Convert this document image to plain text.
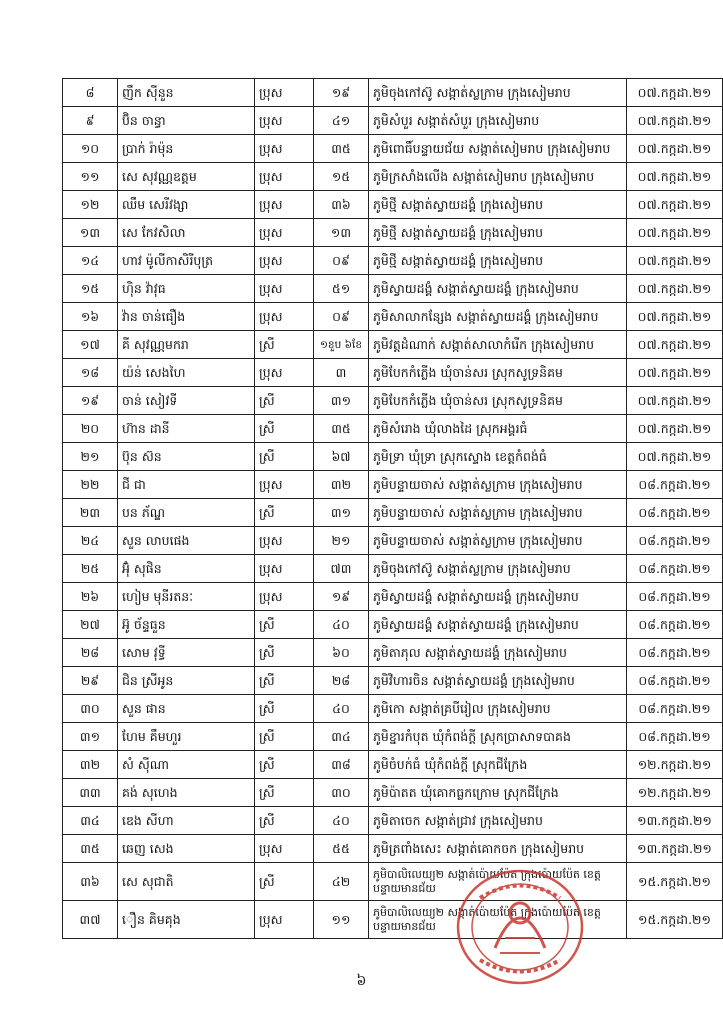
៨	ញឹក ស៊ីនួន	ប្រុស	១៩	ភូមិចុងកៅស៊ូ សង្កាត់ស្លក្រាម ក្រុងសៀមរាប	០៧.កក្កដា.២១
៩	ប៊ិន ចាន្ធា	ប្រុស	៤១	ភូមិសំបួរ សង្កាត់សំបួរ ក្រុងសៀមរាប	០៧.កក្កដា.២១
១០	ប្រាក់ រ៉ាម៉ុន	ប្រុស	៣៥	ភូមិពោធិ៍បន្ទាយជ័យ សង្កាត់សៀមរាប ក្រុងសៀមរាប	០៧.កក្កដា.២១
១១	សេ សុវណ្ណឧត្តម	ប្រុស	១៥	ភូមិក្រសាំងលើង សង្កាត់សៀមរាប ក្រុងសៀមរាប	០៧.កក្កដា.២១
១២	ឈឹម សេរីវង្សា	ប្រុស	៣៦	ភូមិថ្មី សង្កាត់ស្វាយដង្គំ ក្រុងសៀមរាប	០៧.កក្កដា.២១
១៣	សេ កែវសិលា	ប្រុស	១៣	ភូមិថ្មី សង្កាត់ស្វាយដង្គំ ក្រុងសៀមរាប	០៧.កក្កដា.២១
១៤	ហាវ ម៉ូលីកាសិរីបុត្រ	ប្រុស	០៩	ភូមិថ្មី សង្កាត់ស្វាយដង្គំ ក្រុងសៀមរាប	០៧.កក្កដា.២១
១៥	ហ៊ិន វ៉ាវុធ	ប្រុស	៥១	ភូមិស្វាយដង្គំ សង្កាត់ស្វាយដង្គំ ក្រុងសៀមរាប	០៧.កក្កដា.២១
១៦	វ៉ាន ចាន់ធឿង	ប្រុស	០៩	ភូមិសាលាកន្សែង សង្កាត់ស្វាយដង្គំ ក្រុងសៀមរាប	០៧.កក្កដា.២១
១៧	គី សុវណ្ណមករា	ស្រី	១ខួប ៦ខែ	ភូមិវត្តដំណាក់ សង្កាត់សាលាកំរើក ក្រុងសៀមរាប	០៧.កក្កដា.២១
១៨	យ៉ន់ សេងហៃ	ប្រុស	៣	ភូមិបែកកំភ្លើង ឃុំចាន់សរ ស្រុកសូទ្រនិគម	០៧.កក្កដា.២១
១៩	ចាន់ សៀវទី	ស្រី	៣១	ភូមិបែកកំភ្លើង ឃុំចាន់សរ ស្រុកសូទ្រនិគម	០៧.កក្កដា.២១
២០	ហ៊ាន ដានី	ស្រី	៣៥	ភូមិសំរោង ឃុំលាងដៃ ស្រុកអង្គរធំ	០៧.កក្កដា.២១
២១	ប៊ុន ស៊ន	ស្រី	៦៧	ភូមិទ្រា ឃុំទ្រា ស្រុកស្ទោង ខេត្តកំពង់ធំ	០៧.កក្កដា.២១
២២	ជី ជា	ប្រុស	៣២	ភូមិបន្ទាយចាស់ សង្កាត់ស្លក្រាម ក្រុងសៀមរាប	០៨.កក្កដា.២១
២៣	បន ភ័ណ្ឌ	ស្រី	៣១	ភូមិបន្ទាយចាស់ សង្កាត់ស្លក្រាម ក្រុងសៀមរាប	០៨.កក្កដា.២១
២៤	សួន លាបផេង	ប្រុស	២១	ភូមិបន្ទាយចាស់ សង្កាត់ស្លក្រាម ក្រុងសៀមរាប	០៨.កក្កដា.២១
២៥	អ៊ុំ សុផិន	ប្រុស	៧៣	ភូមិចុងកៅស៊ូ សង្កាត់ស្លក្រាម ក្រុងសៀមរាប	០៨.កក្កដា.២១
២៦	ហៀម មុនីរតនៈ	ប្រុស	១៩	ភូមិស្វាយដង្គំ សង្កាត់ស្វាយដង្គំ ក្រុងសៀមរាប	០៨.កក្កដា.២១
២៧	អ៊ូ ច័ន្ទធួន	ស្រី	៤០	ភូមិស្វាយដង្គំ សង្កាត់ស្វាយដង្គំ ក្រុងសៀមរាប	០៨.កក្កដា.២១
២៨	សោម វុទ្ធី	ស្រី	៦០	ភូមិតាភុល សង្កាត់ស្វាយដង្គំ ក្រុងសៀមរាប	០៨.កក្កដា.២១
២៩	ជិន ស្រីអូន	ស្រី	២៨	ភូមិវិហារចិន សង្កាត់ស្វាយដង្គំ ក្រុងសៀមរាប	០៨.កក្កដា.២១
៣០	សួន ផាន	ស្រី	៤០	ភូមិកោ សង្កាត់គ្របីរៀល ក្រុងសៀមរាប	០៨.កក្កដា.២១
៣១	ហែម គឹមហួរ	ស្រី	៣៤	ភូមិខ្នារកំបុត ឃុំកំពង់ក្ដី ស្រុកប្រាសាទបាគង	០៨.កក្កដា.២១
៣២	សំ ស៊ីណា	ស្រី	៣៨	ភូមិចំបក់ធំ ឃុំកំពង់ក្ដី ស្រុកជីក្រែង	១២.កក្កដា.២១
៣៣	គង់ សុហេង	ស្រី	៣០	ភូមិប៉ាតត ឃុំគោកធ្លកក្រោម ស្រុកជីក្រែង	១២.កក្កដា.២១
៣៤	ឌេង សីហា	ស្រី	៤០	ភូមិតាចេក សង្កាត់ជ្រាវ ក្រុងសៀមរាប	១៣.កក្កដា.២១
៣៥	ឆេញ សេង	ប្រុស	៥៥	ភូមិត្រពាំងសេះ សង្កាត់គោកចក ក្រុងសៀមរាប	១៣.កក្កដា.២១
៣៦	សេ សុជាតិ	ស្រី	៤២	ភូមិបាលិលេយ្យ២ សង្កាត់ប៉ោយប៉ែត ក្រុងប៉ោយប៉ែត ខេត្តបន្ទាយមានជ័យ	១៥.កក្កដា.២១
៣៧	ឿន គិមគុង	ប្រុស	១១	ភូមិបាលិលេយ្យ២ សង្កាត់ប៉ោយប៉ែត ក្រុងប៉ោយប៉ែត ខេត្តបន្ទាយមានជ័យ	១៥.កក្កដា.២១
៦
